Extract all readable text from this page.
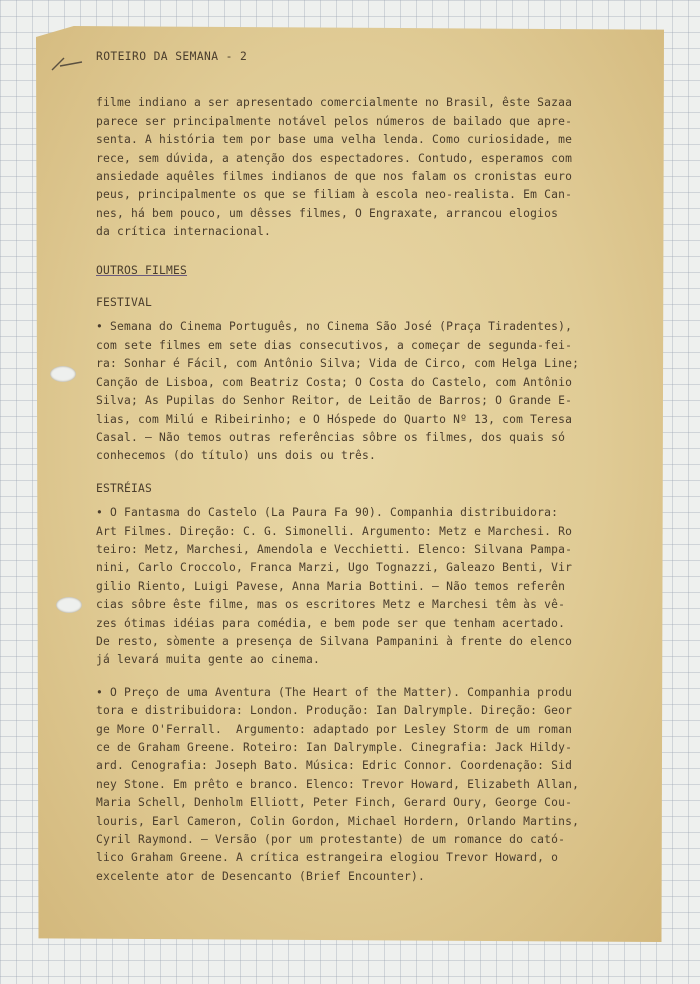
ROTEIRO DA SEMANA - 2
filme indiano a ser apresentado comercialmente no Brasil, êste Sazaa
parece ser principalmente notável pelos números de bailado que apre-
senta. A história tem por base uma velha lenda. Como curiosidade, me
rece, sem dúvida, a atenção dos espectadores. Contudo, esperamos com
ansiedade aquêles filmes indianos de que nos falam os cronistas euro
peus, principalmente os que se filiam à escola neo-realista. Em Can-
nes, há bem pouco, um dêsses filmes, O Engraxate, arrancou elogios
da crítica internacional.
OUTROS FILMES
FESTIVAL
• Semana do Cinema Português, no Cinema São José (Praça Tiradentes),
com sete filmes em sete dias consecutivos, a começar de segunda-fei-
ra: Sonhar é Fácil, com Antônio Silva; Vida de Circo, com Helga Line;
Canção de Lisboa, com Beatriz Costa; O Costa do Castelo, com Antônio
Silva; As Pupilas do Senhor Reitor, de Leitão de Barros; O Grande E-
lias, com Milú e Ribeirinho; e O Hóspede do Quarto Nº 13, com Teresa
Casal. — Não temos outras referências sôbre os filmes, dos quais só
conhecemos (do título) uns dois ou três.
ESTRÉIAS
• O Fantasma do Castelo (La Paura Fa 90). Companhia distribuidora:
Art Filmes. Direção: C. G. Simonelli. Argumento: Metz e Marchesi. Ro
teiro: Metz, Marchesi, Amendola e Vecchietti. Elenco: Silvana Pampa-
nini, Carlo Croccolo, Franca Marzi, Ugo Tognazzi, Galeazo Benti, Vir
gilio Riento, Luigi Pavese, Anna Maria Bottini. — Não temos referên
cias sôbre êste filme, mas os escritores Metz e Marchesi têm às vê-
zes ótimas idéias para comédia, e bem pode ser que tenham acertado.
De resto, sòmente a presença de Silvana Pampanini à frente do elenco
já levará muita gente ao cinema.
• O Preço de uma Aventura (The Heart of the Matter). Companhia produ
tora e distribuidora: London. Produção: Ian Dalrymple. Direção: Geor
ge More O'Ferrall.  Argumento: adaptado por Lesley Storm de um roman
ce de Graham Greene. Roteiro: Ian Dalrymple. Cinegrafia: Jack Hildy-
ard. Cenografia: Joseph Bato. Música: Edric Connor. Coordenação: Sid
ney Stone. Em prêto e branco. Elenco: Trevor Howard, Elizabeth Allan,
Maria Schell, Denholm Elliott, Peter Finch, Gerard Oury, George Cou-
louris, Earl Cameron, Colin Gordon, Michael Hordern, Orlando Martins,
Cyril Raymond. — Versão (por um protestante) de um romance do cató-
lico Graham Greene. A crítica estrangeira elogiou Trevor Howard, o
excelente ator de Desencanto (Brief Encounter).
